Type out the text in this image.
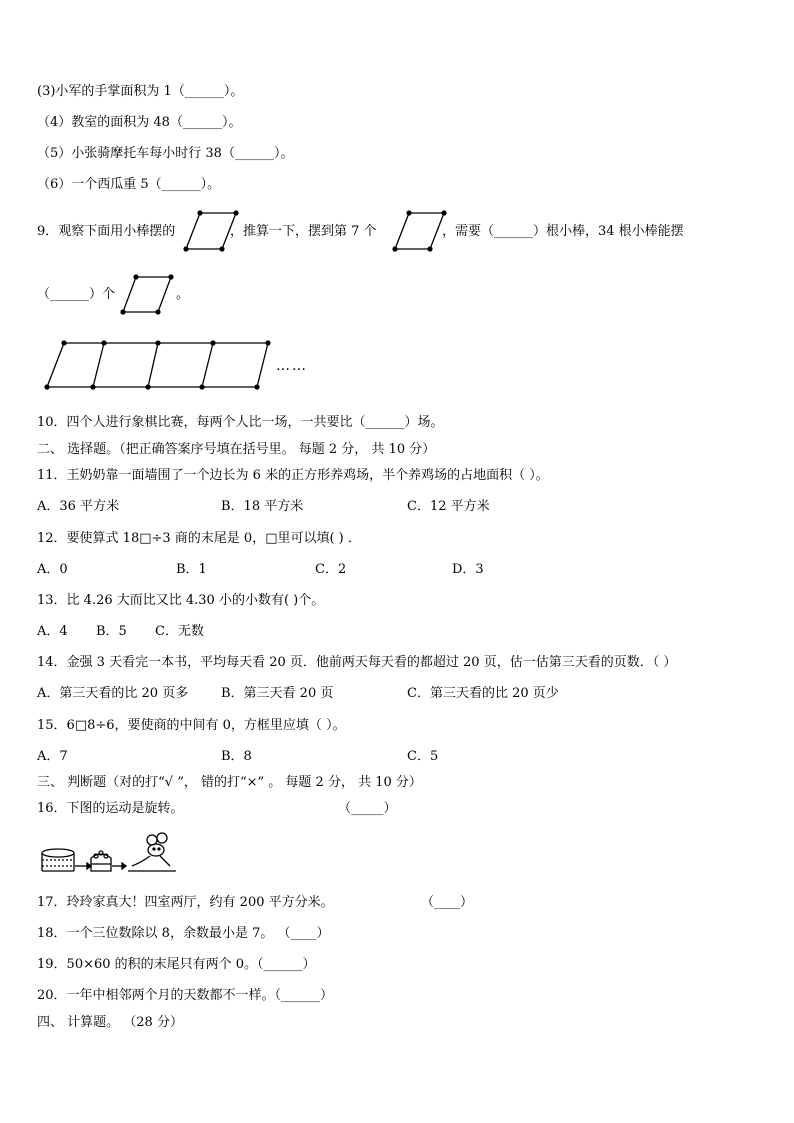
(3)小军的手掌面积为 1（______）。
（4）教室的面积为 48（______）。
（5）小张骑摩托车每小时行 38（______）。
（6）一个西瓜重 5（______）。
9．观察下面用小棒摆的	，推算一下，摆到第 7 个	，需要（______）根小棒，34 根小棒能摆
（______）个	。
……
10．四个人进行象棋比赛，每两个人比一场，一共要比（______）场。
二、 选择题。（把正确答案序号填在括号里。 每题 2 分， 共 10 分）
11．王奶奶靠一面墙围了一个边长为 6 米的正方形养鸡场，半个养鸡场的占地面积（ ）。
A．36 平方米	B．18 平方米	C．12 平方米
12．要使算式 18□÷3 商的末尾是 0，□里可以填( ) ．
A．0	B．1	C．2	D．3
13．比 4.26 大而比又比 4.30 小的小数有( )个。
A．4 B．5 C．无数
14．金强 3 天看完一本书，平均每天看 20 页．他前两天每天看的都超过 20 页，估一估第三天看的页数．（ ）
A．第三天看的比 20 页多	B．第三天看 20 页	C．第三天看的比 20 页少
15．6□8÷6，要使商的中间有 0，方框里应填（ ）。
A．7	B．8	C．5
三、 判断题（对的打“√ ”， 错的打“×” 。 每题 2 分， 共 10 分）
16．下图的运动是旋转。	（_____）
17．玲玲家真大！四室两厅，约有 200 平方分米。	（____）
18．一个三位数除以 8，余数最小是 7。 （____）
19．50×60 的积的末尾只有两个 0。（______）
20．一年中相邻两个月的天数都不一样。（______）
四、 计算题。 （28 分）
